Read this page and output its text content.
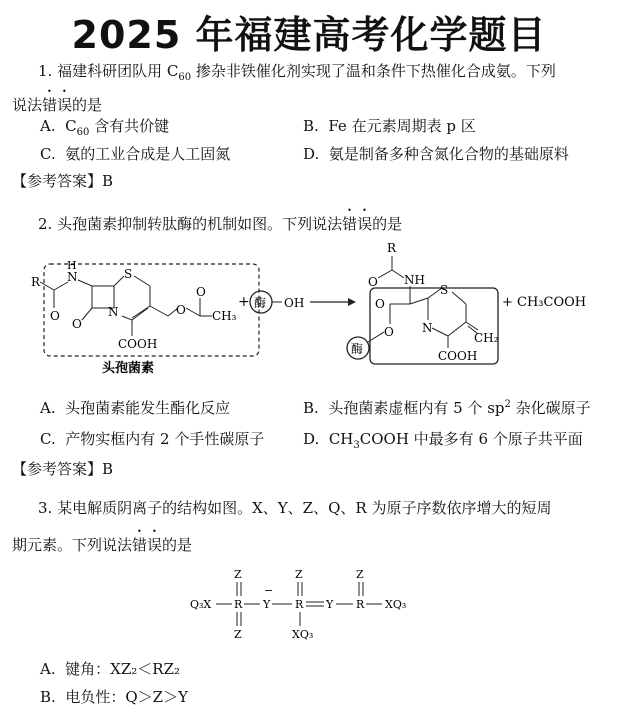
2025 年福建高考化学题目
1. 福建科研团队用 $C_{60}$ 掺杂非铁催化剂实现了温和条件下热催化合成氨。下列
说法错误的是
A. $C_{60}$ 含有共价键	B. Fe 在元素周期表 p 区
C. 氨的工业合成是人工固氮	D. 氨是制备多种含氮化合物的基础原料
【参考答案】B
2. 头孢菌素抑制转肽酶的机制如图。下列说法错误的是
R
O
H
N
O
N
S
COOH
O
O
CH₃
头孢菌素
+ 酶 OH
R
O NH
O
O
S
N
CH₂
COOH
酶
+ CH₃COOH
A. 头孢菌素能发生酯化反应	B. 头孢菌素虚框内有 5 个 $sp^2$ 杂化碳原子
C. 产物实框内有 2 个手性碳原子	D. $CH_3COOH$ 中最多有 6 个原子共平面
【参考答案】B
3. 某电解质阴离子的结构如图。X、Y、Z、Q、R 为原子序数依序增大的短周
期元素。下列说法错误的是
Z	Z	Z
Q₃X R Y
−
R Y R XQ₃
Z	XQ₃
A. 键角：XZ₂＜RZ₂
B. 电负性：Q＞Z＞Y
